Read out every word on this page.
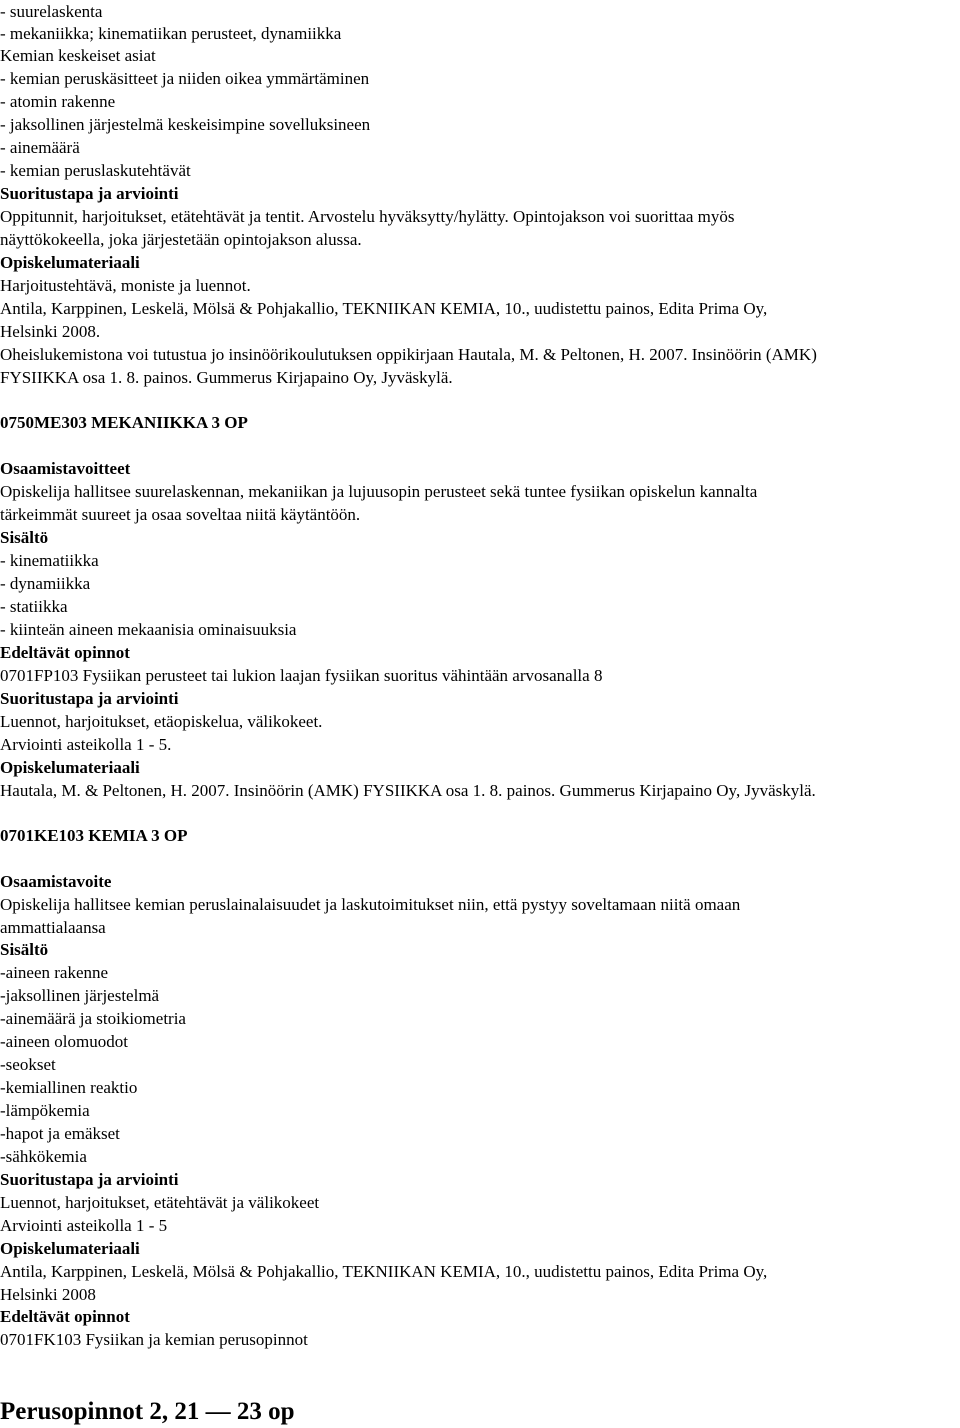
- suurelaskenta
- mekaniikka; kinematiikan perusteet, dynamiikka
Kemian keskeiset asiat
- kemian peruskäsitteet ja niiden oikea ymmärtäminen
- atomin rakenne
- jaksollinen järjestelmä keskeisimpine sovelluksineen
- ainemäärä
- kemian peruslaskutehtävät
Suoritustapa ja arviointi
Oppitunnit, harjoitukset, etätehtävät ja tentit. Arvostelu hyväksytty/hylätty. Opintojakson voi suorittaa myös
näyttökokeella, joka järjestetään opintojakson alussa.
Opiskelumateriaali
Harjoitustehtävä, moniste ja luennot.
Antila, Karppinen, Leskelä, Mölsä & Pohjakallio, TEKNIIKAN KEMIA, 10., uudistettu painos, Edita Prima Oy,
Helsinki 2008.
Oheislukemistona voi tutustua jo insinöörikoulutuksen oppikirjaan Hautala, M. & Peltonen, H. 2007. Insinöörin (AMK)
FYSIIKKA osa 1. 8. painos. Gummerus Kirjapaino Oy, Jyväskylä.
0750ME303 MEKANIIKKA 3 OP
Osaamistavoitteet
Opiskelija hallitsee suurelaskennan, mekaniikan ja lujuusopin perusteet sekä tuntee fysiikan opiskelun kannalta
tärkeimmät suureet ja osaa soveltaa niitä käytäntöön.
Sisältö
- kinematiikka
- dynamiikka
- statiikka
- kiinteän aineen mekaanisia ominaisuuksia
Edeltävät opinnot
0701FP103 Fysiikan perusteet tai lukion laajan fysiikan suoritus vähintään arvosanalla 8
Suoritustapa ja arviointi
Luennot, harjoitukset, etäopiskelua, välikokeet.
Arviointi asteikolla 1 - 5.
Opiskelumateriaali
Hautala, M. & Peltonen, H. 2007. Insinöörin (AMK) FYSIIKKA osa 1. 8. painos. Gummerus Kirjapaino Oy, Jyväskylä.
0701KE103 KEMIA 3 OP
Osaamistavoite
Opiskelija hallitsee kemian peruslainalaisuudet ja laskutoimitukset niin, että pystyy soveltamaan niitä omaan
ammattialaansa
Sisältö
-aineen rakenne
-jaksollinen järjestelmä
-ainemäärä ja stoikiometria
-aineen olomuodot
-seokset
-kemiallinen reaktio
-lämpökemia
-hapot ja emäkset
-sähkökemia
Suoritustapa ja arviointi
Luennot, harjoitukset, etätehtävät ja välikokeet
Arviointi asteikolla 1 - 5
Opiskelumateriaali
Antila, Karppinen, Leskelä, Mölsä & Pohjakallio, TEKNIIKAN KEMIA, 10., uudistettu painos, Edita Prima Oy,
Helsinki 2008
Edeltävät opinnot
0701FK103 Fysiikan ja kemian perusopinnot
Perusopinnot 2, 21 — 23 op
